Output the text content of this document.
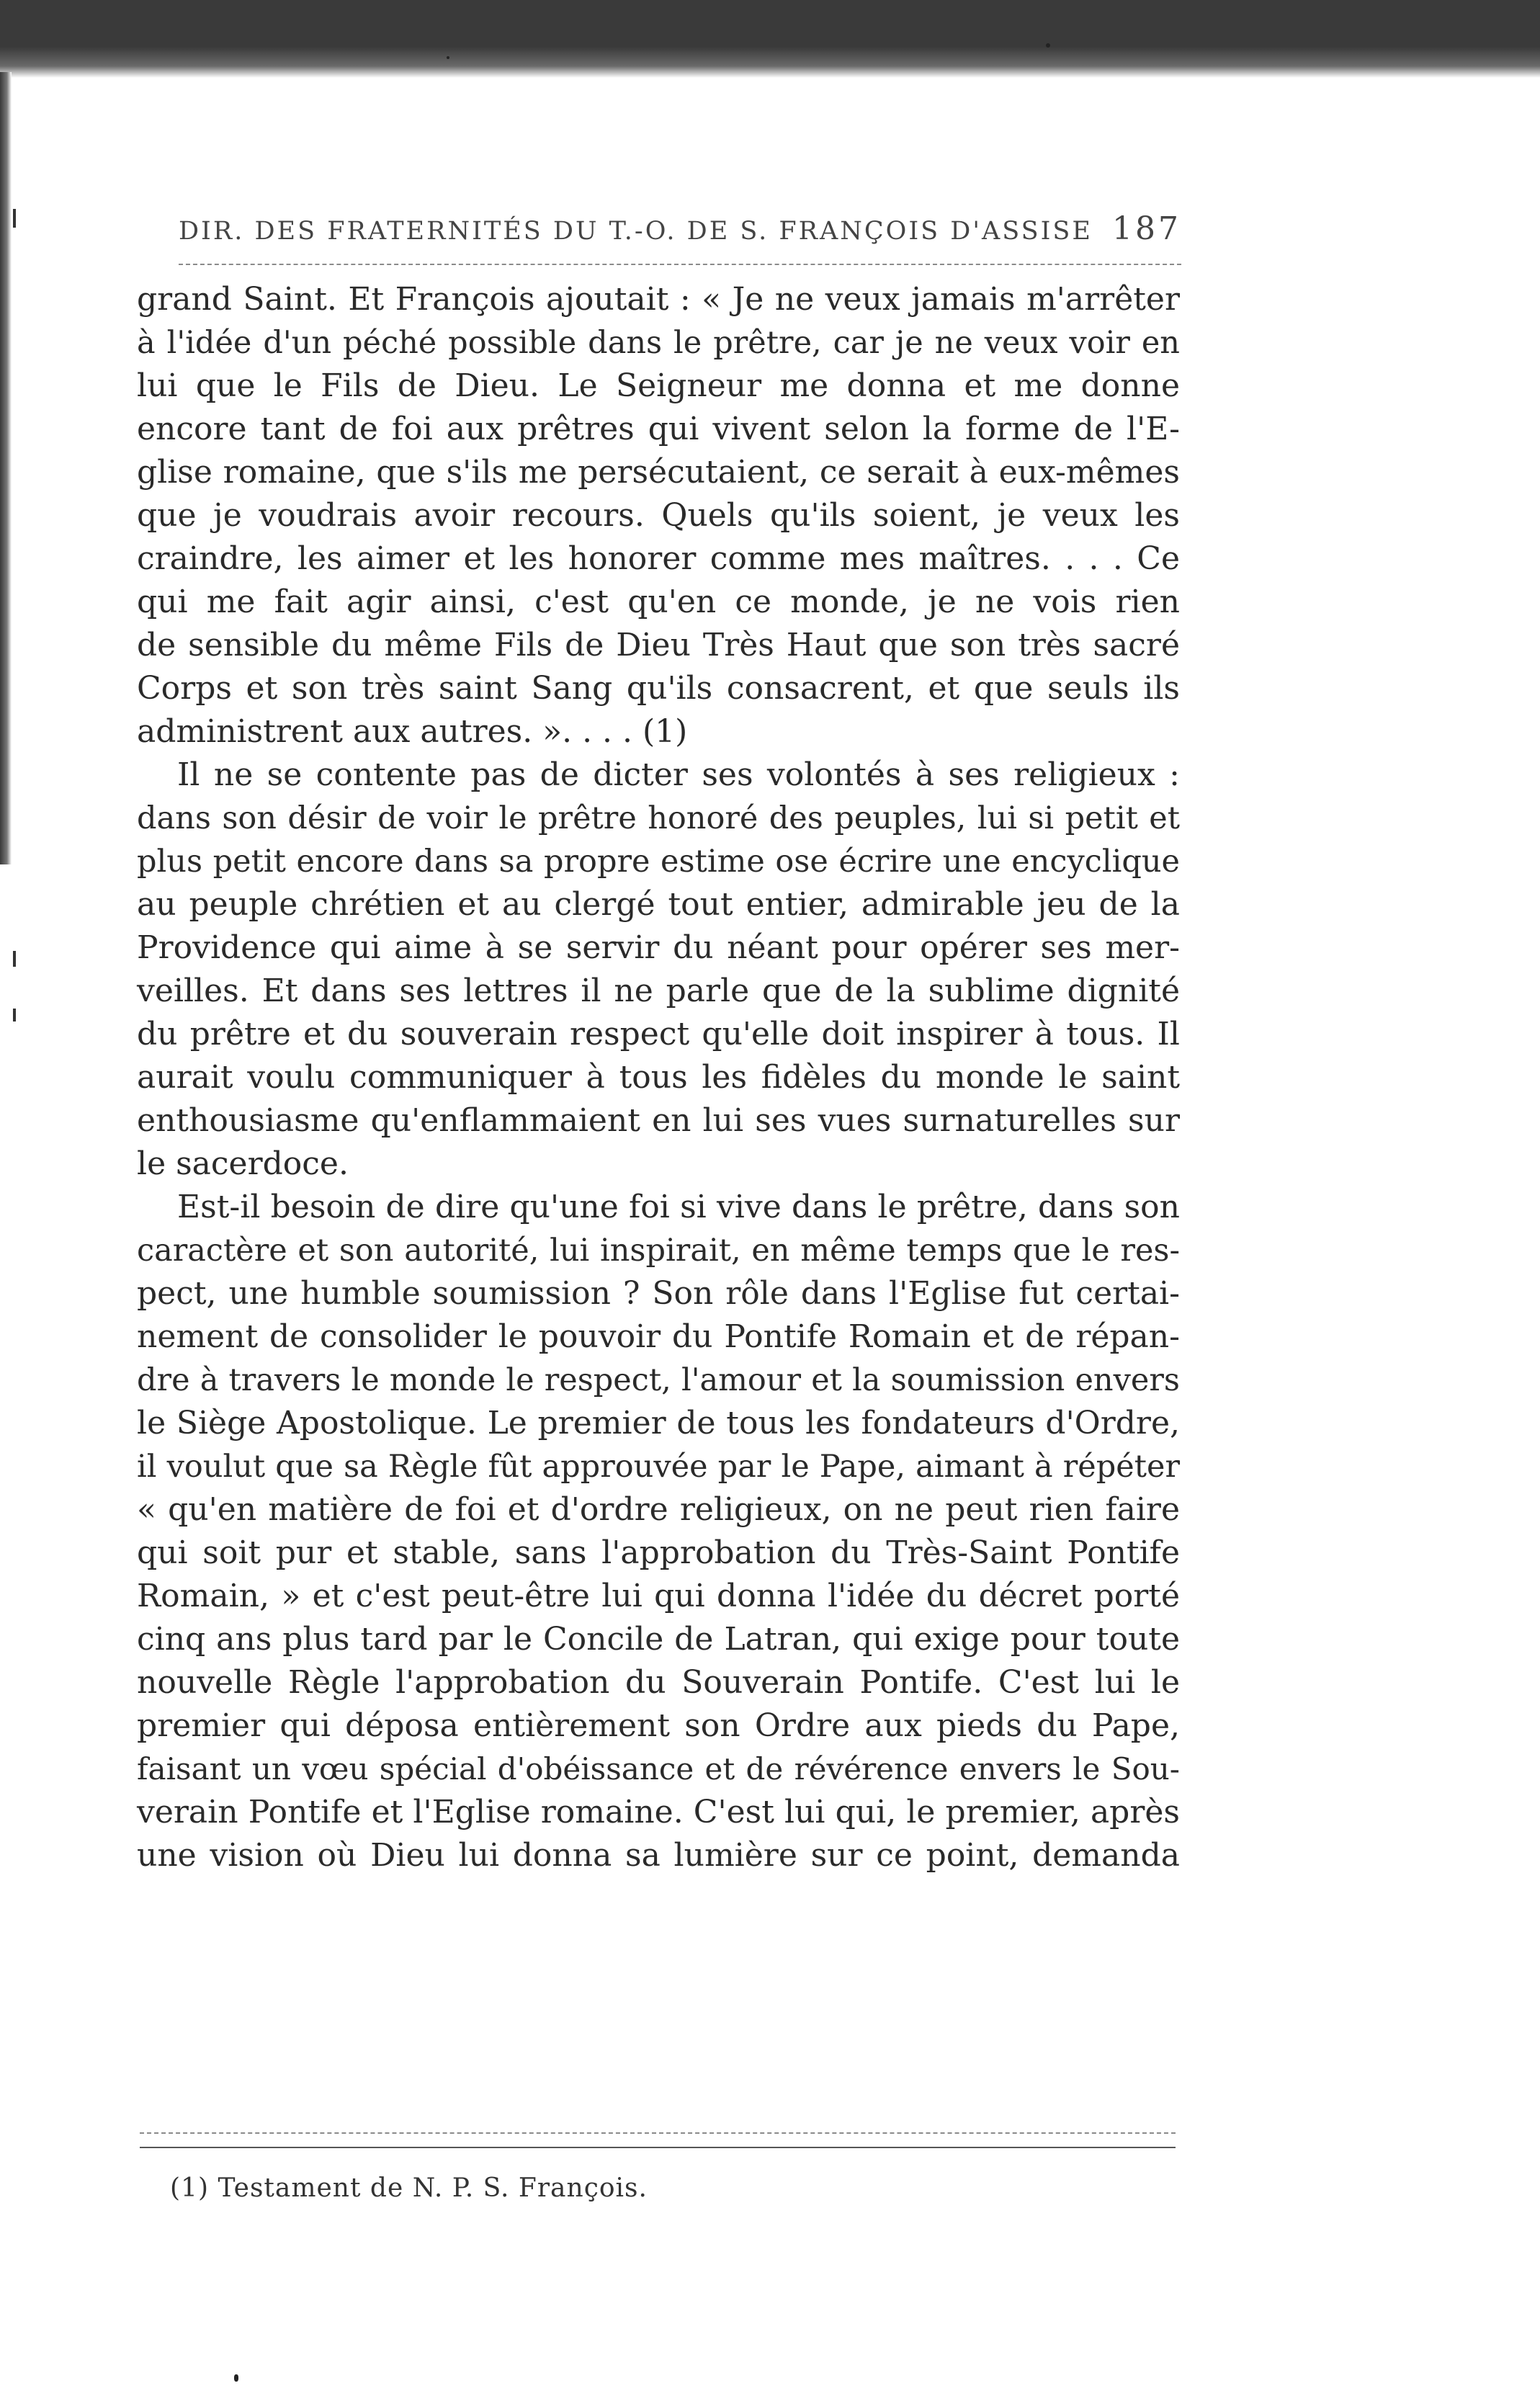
DIR. DES FRATERNITÉS DU T.-O. DE S. FRANÇOIS D'ASSISE 187
grand Saint. Et François ajoutait : « Je ne veux jamais m'arrêter
à l'idée d'un péché possible dans le prêtre, car je ne veux voir en
lui que le Fils de Dieu. Le Seigneur me donna et me donne
encore tant de foi aux prêtres qui vivent selon la forme de l'E-
glise romaine, que s'ils me persécutaient, ce serait à eux-mêmes
que je voudrais avoir recours. Quels qu'ils soient, je veux les
craindre, les aimer et les honorer comme mes maîtres. . . . Ce
qui me fait agir ainsi, c'est qu'en ce monde, je ne vois rien
de sensible du même Fils de Dieu Très Haut que son très sacré
Corps et son très saint Sang qu'ils consacrent, et que seuls ils
administrent aux autres. ». . . . (1)
Il ne se contente pas de dicter ses volontés à ses religieux :
dans son désir de voir le prêtre honoré des peuples, lui si petit et
plus petit encore dans sa propre estime ose écrire une encyclique
au peuple chrétien et au clergé tout entier, admirable jeu de la
Providence qui aime à se servir du néant pour opérer ses mer-
veilles. Et dans ses lettres il ne parle que de la sublime dignité
du prêtre et du souverain respect qu'elle doit inspirer à tous. Il
aurait voulu communiquer à tous les fidèles du monde le saint
enthousiasme qu'enflammaient en lui ses vues surnaturelles sur
le sacerdoce.
Est-il besoin de dire qu'une foi si vive dans le prêtre, dans son
caractère et son autorité, lui inspirait, en même temps que le res-
pect, une humble soumission ? Son rôle dans l'Eglise fut certai-
nement de consolider le pouvoir du Pontife Romain et de répan-
dre à travers le monde le respect, l'amour et la soumission envers
le Siège Apostolique. Le premier de tous les fondateurs d'Ordre,
il voulut que sa Règle fût approuvée par le Pape, aimant à répéter
« qu'en matière de foi et d'ordre religieux, on ne peut rien faire
qui soit pur et stable, sans l'approbation du Très-Saint Pontife
Romain, » et c'est peut-être lui qui donna l'idée du décret porté
cinq ans plus tard par le Concile de Latran, qui exige pour toute
nouvelle Règle l'approbation du Souverain Pontife. C'est lui le
premier qui déposa entièrement son Ordre aux pieds du Pape,
faisant un vœu spécial d'obéissance et de révérence envers le Sou-
verain Pontife et l'Eglise romaine. C'est lui qui, le premier, après
une vision où Dieu lui donna sa lumière sur ce point, demanda
(1) Testament de N. P. S. François.
